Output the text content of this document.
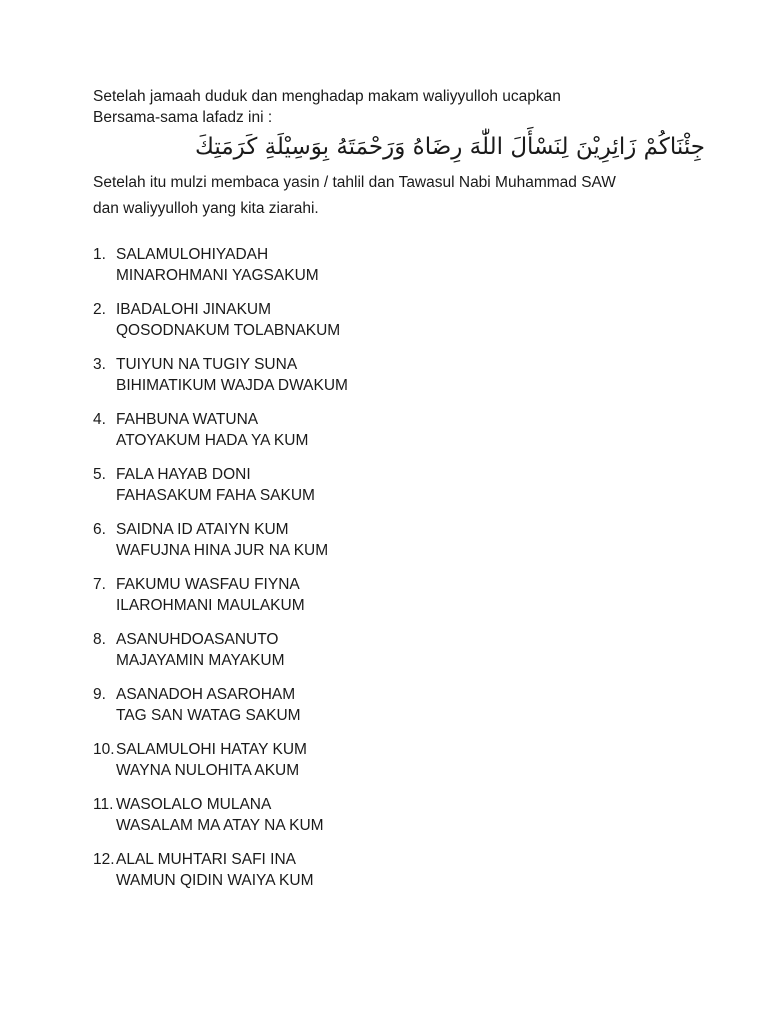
Setelah jamaah duduk dan menghadap makam waliyyulloh ucapkan
Bersama-sama lafadz ini :

جِئْنَاكُمْ زَائِرِيْنَ لِنَسْأَلَ اللّٰهَ رِضَاهُ وَرَحْمَتَهُ بِوَسِيْلَةِ كَرَمَتِكَ

Setelah itu mulzi membaca yasin / tahlil dan Tawasul Nabi Muhammad SAW
dan waliyyulloh yang kita ziarahi.

1. SALAMULOHIYADAH
MINAROHMANI YAGSAKUM
2. IBADALOHI JINAKUM
QOSODNAKUM TOLABNAKUM
3. TUIYUN NA TUGIY SUNA
BIHIMATIKUM WAJDA DWAKUM
4. FAHBUNA WATUNA
ATOYAKUM HADA YA KUM
5. FALA HAYAB DONI
FAHASAKUM FAHA SAKUM
6. SAIDNA ID ATAIYN KUM
WAFUJNA HINA JUR NA KUM
7. FAKUMU WASFAU FIYNA
ILAROHMANI MAULAKUM
8. ASANUHDOASANUTO
MAJAYAMIN MAYAKUM
9. ASANADOH ASAROHAM
TAG SAN WATAG SAKUM
10. SALAMULOHI HATAY KUM
WAYNA NULOHITA AKUM
11. WASOLALO MULANA
WASALAM MA ATAY NA KUM
12. ALAL MUHTARI SAFI INA
WAMUN QIDIN WAIYA KUM
